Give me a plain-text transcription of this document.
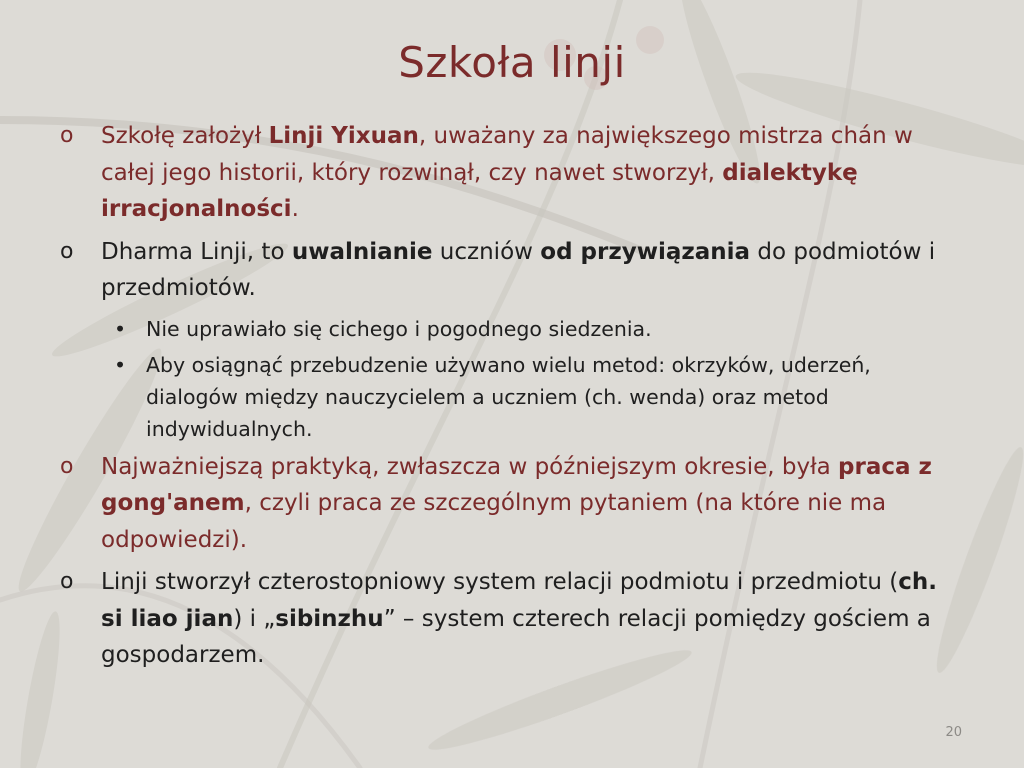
Szkoła linji
o Szkołę założył Linji Yixuan, uważany za największego mistrza chán w całej jego historii, który rozwinął, czy nawet stworzył, dialektykę irracjonalności.
o Dharma Linji, to uwalnianie uczniów od przywiązania do podmiotów i przedmiotów.
• Nie uprawiało się cichego i pogodnego siedzenia.
• Aby osiągnąć przebudzenie używano wielu metod: okrzyków, uderzeń, dialogów między nauczycielem a uczniem (ch. wenda) oraz metod indywidualnych.
o Najważniejszą praktyką, zwłaszcza w późniejszym okresie, była praca z gong'anem, czyli praca ze szczególnym pytaniem (na które nie ma odpowiedzi).
o Linji stworzył czterostopniowy system relacji podmiotu i przedmiotu (ch. si liao jian) i „sibinzhu” – system czterech relacji pomiędzy gościem a gospodarzem.
20
